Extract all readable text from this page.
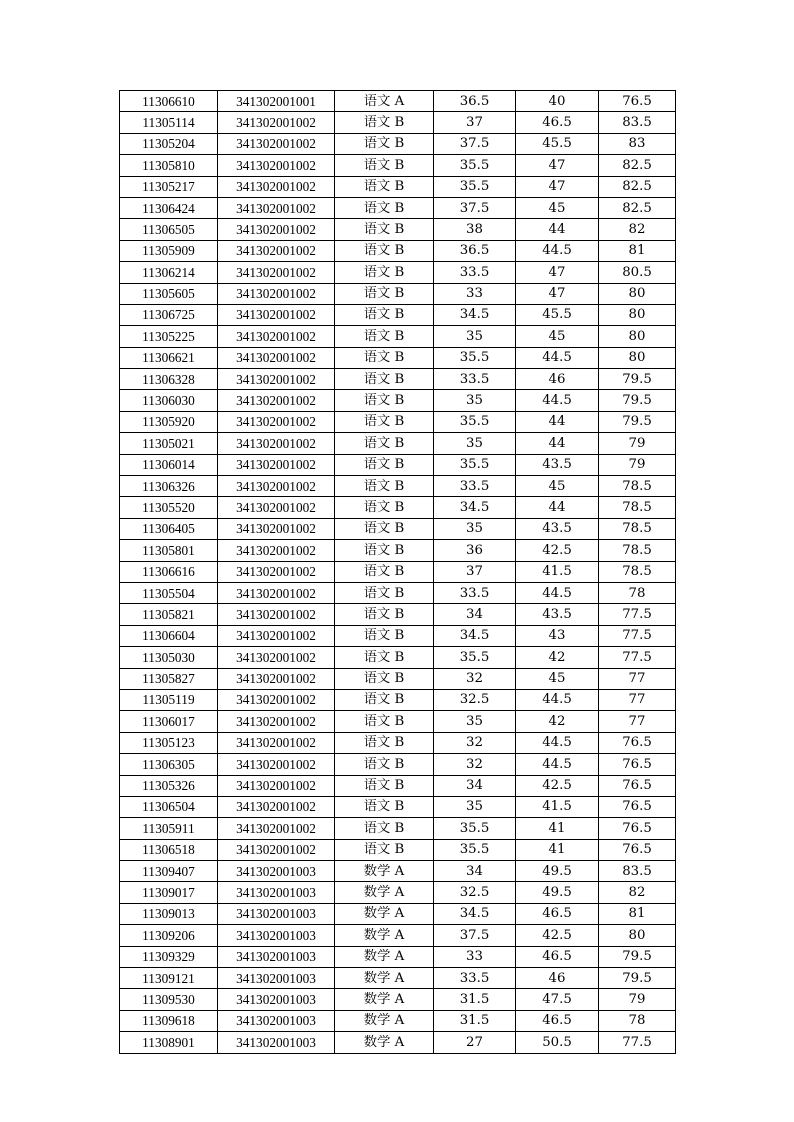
11306610	341302001001	语文 A	36.5	40	76.5
11305114	341302001002	语文 B	37	46.5	83.5
11305204	341302001002	语文 B	37.5	45.5	83
11305810	341302001002	语文 B	35.5	47	82.5
11305217	341302001002	语文 B	35.5	47	82.5
11306424	341302001002	语文 B	37.5	45	82.5
11306505	341302001002	语文 B	38	44	82
11305909	341302001002	语文 B	36.5	44.5	81
11306214	341302001002	语文 B	33.5	47	80.5
11305605	341302001002	语文 B	33	47	80
11306725	341302001002	语文 B	34.5	45.5	80
11305225	341302001002	语文 B	35	45	80
11306621	341302001002	语文 B	35.5	44.5	80
11306328	341302001002	语文 B	33.5	46	79.5
11306030	341302001002	语文 B	35	44.5	79.5
11305920	341302001002	语文 B	35.5	44	79.5
11305021	341302001002	语文 B	35	44	79
11306014	341302001002	语文 B	35.5	43.5	79
11306326	341302001002	语文 B	33.5	45	78.5
11305520	341302001002	语文 B	34.5	44	78.5
11306405	341302001002	语文 B	35	43.5	78.5
11305801	341302001002	语文 B	36	42.5	78.5
11306616	341302001002	语文 B	37	41.5	78.5
11305504	341302001002	语文 B	33.5	44.5	78
11305821	341302001002	语文 B	34	43.5	77.5
11306604	341302001002	语文 B	34.5	43	77.5
11305030	341302001002	语文 B	35.5	42	77.5
11305827	341302001002	语文 B	32	45	77
11305119	341302001002	语文 B	32.5	44.5	77
11306017	341302001002	语文 B	35	42	77
11305123	341302001002	语文 B	32	44.5	76.5
11306305	341302001002	语文 B	32	44.5	76.5
11305326	341302001002	语文 B	34	42.5	76.5
11306504	341302001002	语文 B	35	41.5	76.5
11305911	341302001002	语文 B	35.5	41	76.5
11306518	341302001002	语文 B	35.5	41	76.5
11309407	341302001003	数学 A	34	49.5	83.5
11309017	341302001003	数学 A	32.5	49.5	82
11309013	341302001003	数学 A	34.5	46.5	81
11309206	341302001003	数学 A	37.5	42.5	80
11309329	341302001003	数学 A	33	46.5	79.5
11309121	341302001003	数学 A	33.5	46	79.5
11309530	341302001003	数学 A	31.5	47.5	79
11309618	341302001003	数学 A	31.5	46.5	78
11308901	341302001003	数学 A	27	50.5	77.5
